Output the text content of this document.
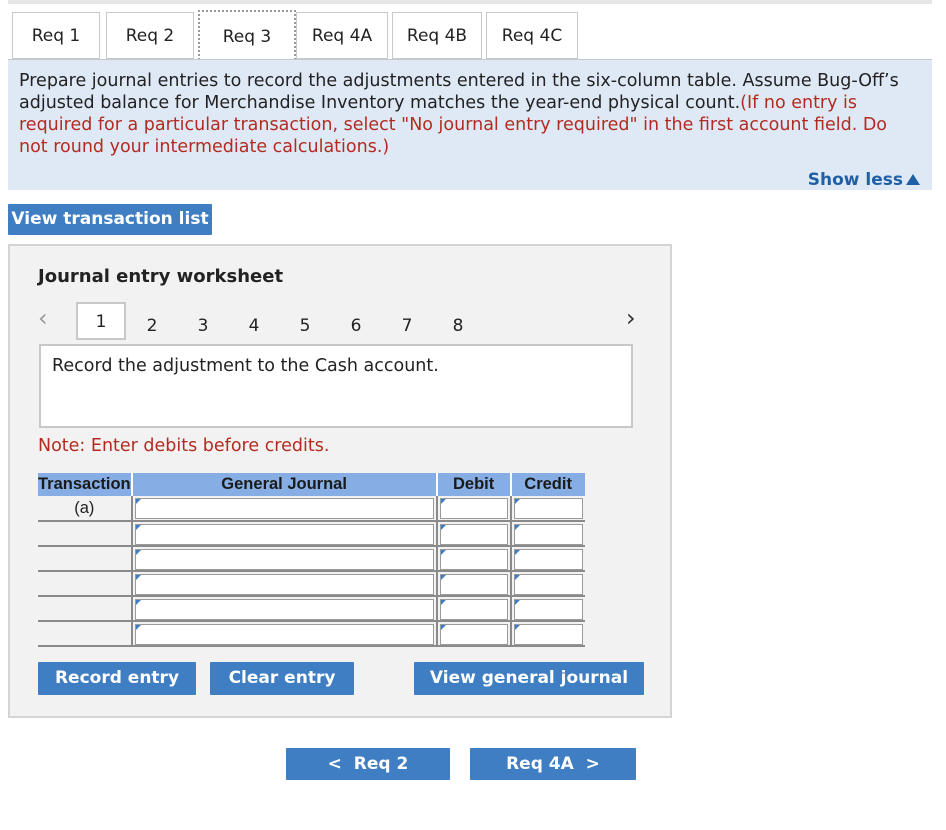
Req 1	Req 2	Req 3	Req 4A	Req 4B	Req 4C
Prepare journal entries to record the adjustments entered in the six-column table. Assume Bug-Off’s adjusted balance for Merchandise Inventory matches the year-end physical count.(If no entry is required for a particular transaction, select "No journal entry required" in the first account field. Do not round your intermediate calculations.)
Show less
View transaction list
Journal entry worksheet
‹	1	2	3	4	5	6	7	8	›
Record the adjustment to the Cash account.
Note: Enter debits before credits.
Transaction	General Journal	Debit	Credit
(a)	

Record entry	Clear entry	View general journal
< Req 2	Req 4A >
